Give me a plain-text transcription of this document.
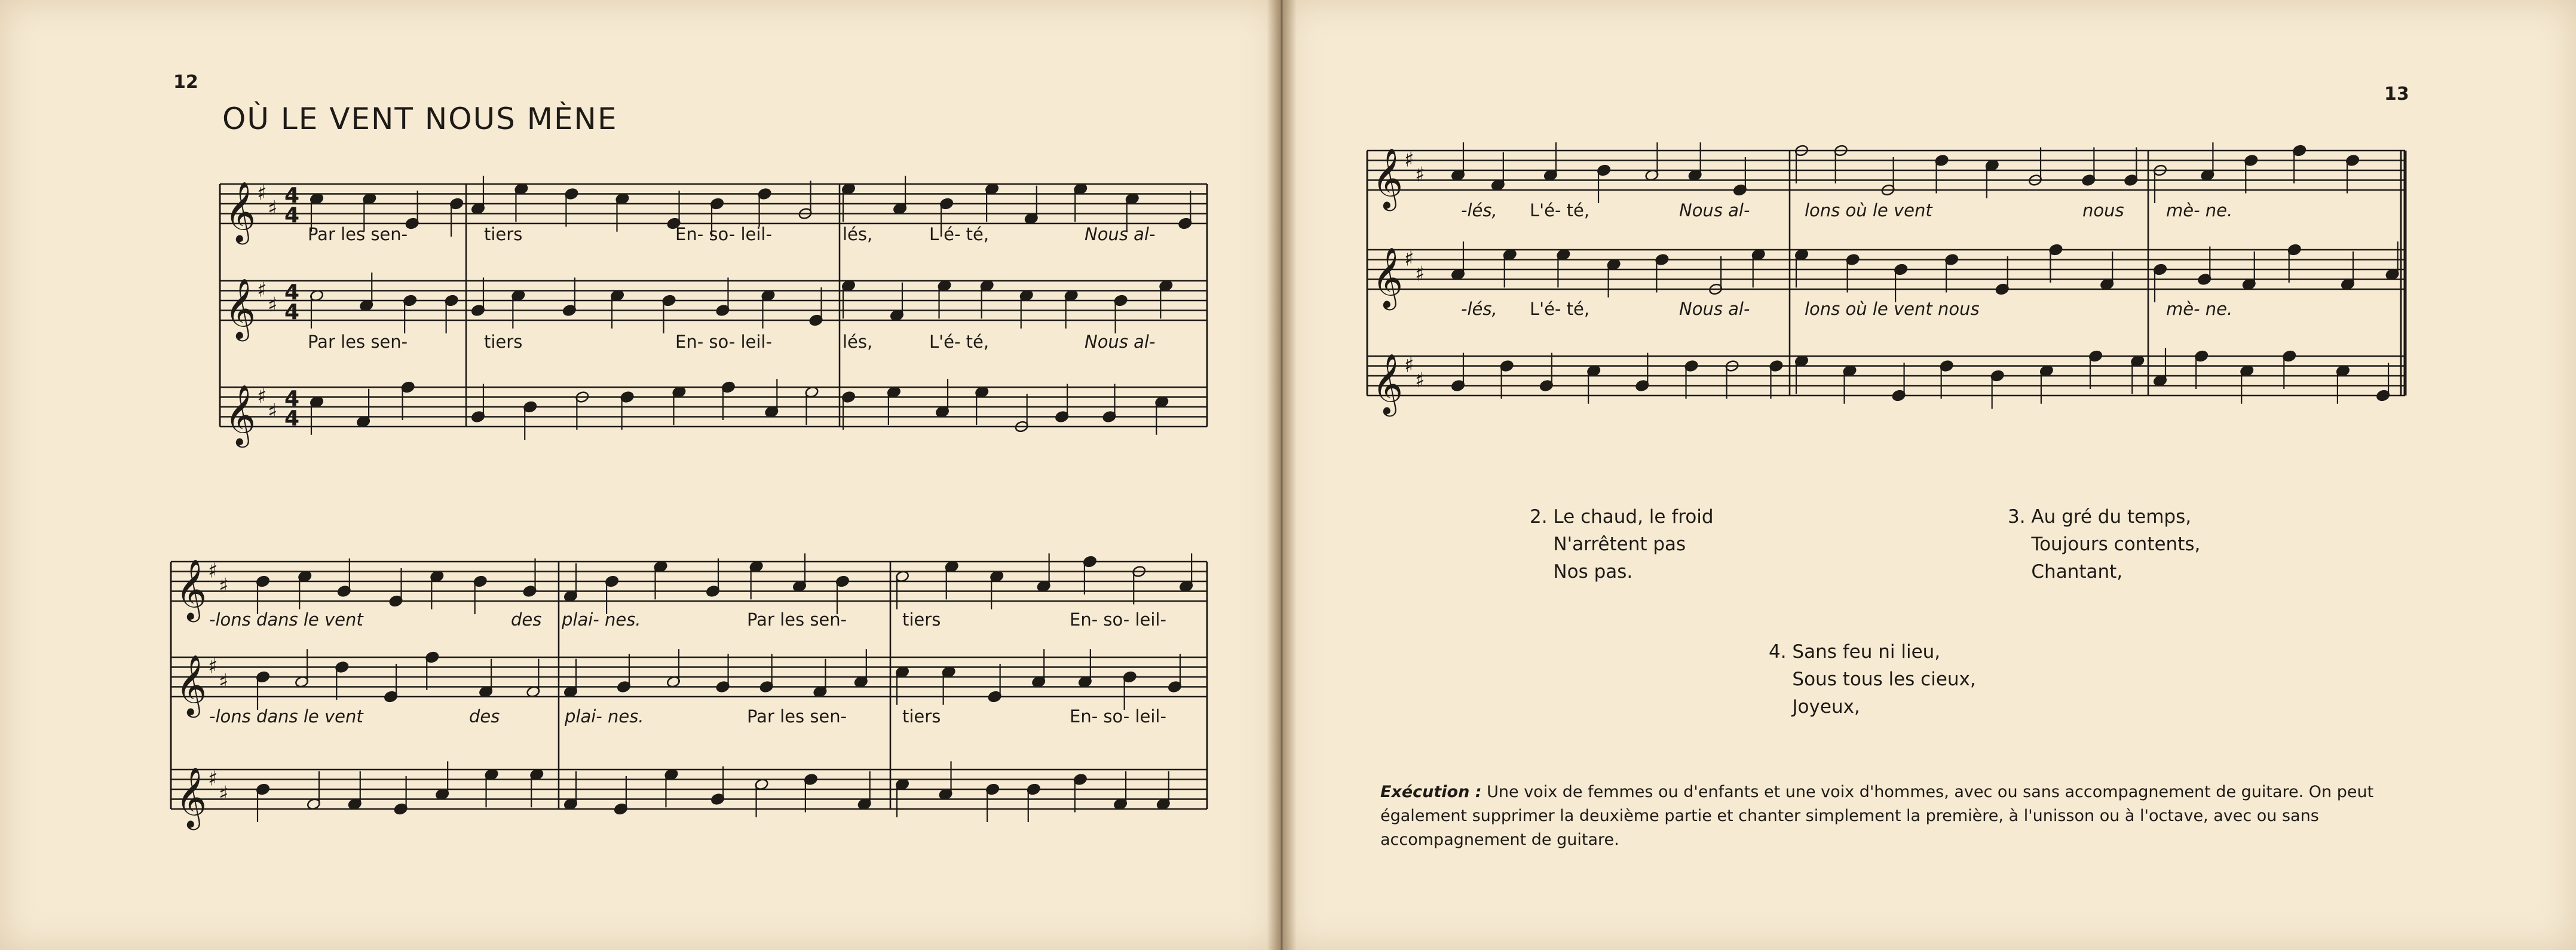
12
13
OÙ LE VENT NOUS MÈNE
𝄞 ♯
♯
4
4
𝄞 ♯
♯
4
4
𝄞 ♯
♯
4
4
𝄞 ♯
♯
𝄞 ♯
♯
𝄞 ♯
♯
𝄞 ♯
♯
𝄞 ♯
♯
𝄞 ♯
♯
Par les sen-	tiers	En- so- leil-	lés,	L'é- té,	Nous al-
Par les sen-	tiers	En- so- leil-	lés,	L'é- té,	Nous al-
-lons dans le vent	des plai- nes.	Par les sen-	tiers	En- so- leil-
-lons dans le vent	des	plai- nes.	Par les sen-	tiers	En- so- leil-
-lés, L'é- té,	Nous al-	lons où le vent	nous mè- ne.
-lés, L'é- té,	Nous al-	lons où le vent nous	mè- ne.
2. Le chaud, le froid
N'arrêtent pas
Nos pas.
3. Au gré du temps,
Toujours contents,
Chantant,
4. Sans feu ni lieu,
Sous tous les cieux,
Joyeux,
Exécution : Une voix de femmes ou d'enfants et une voix d'hommes, avec ou sans accompagnement de guitare. On peut également supprimer la deuxième partie et chanter simplement la première, à l'unisson ou à l'octave, avec ou sans accompagnement de guitare.
